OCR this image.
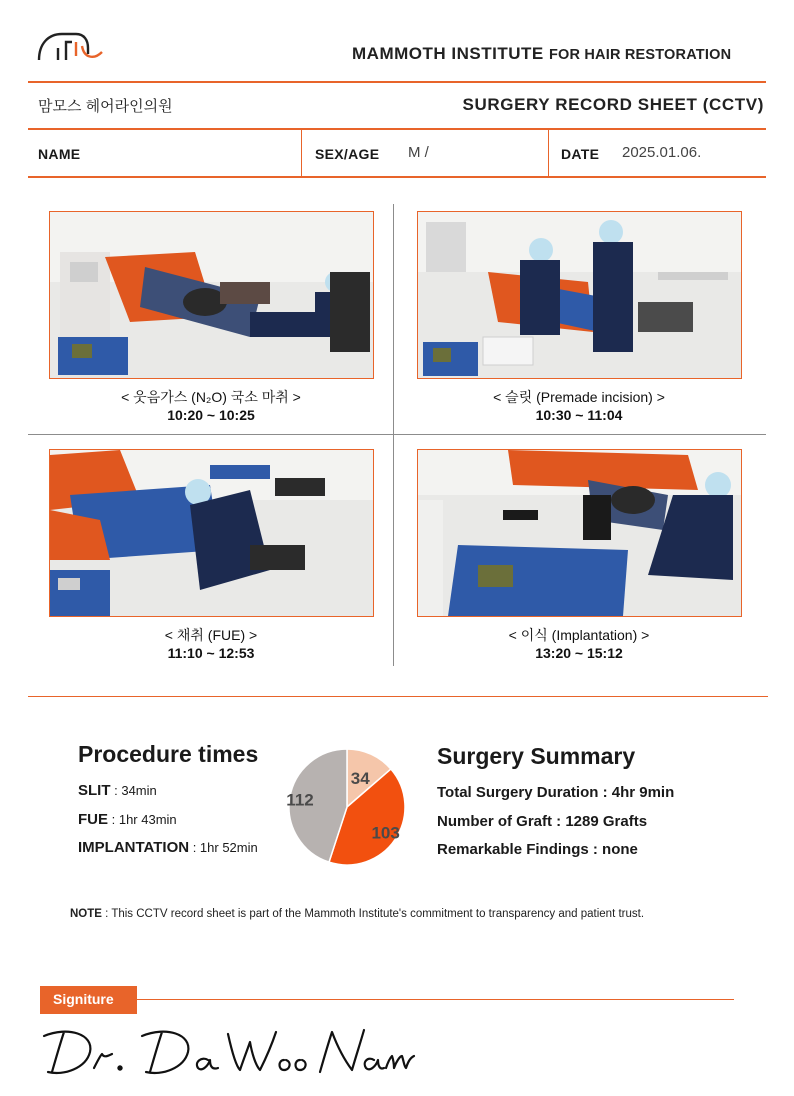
MAMMOTH INSTITUTE FOR HAIR RESTORATION
맘모스 헤어라인의원	SURGERY RECORD SHEET (CCTV)
NAME	SEX/AGE M /	DATE 2025.01.06.
< 웃음가스 (N₂O) 국소 마취 >
10:20 ~ 10:25
< 슬릿 (Premade incision) >
10:30 ~ 11:04
< 채취 (FUE) >
11:10 ~ 12:53
< 이식 (Implantation) >
13:20 ~ 15:12
Procedure times
SLIT : 34min
FUE : 1hr 43min
IMPLANTATION : 1hr 52min
34
103
112
Surgery Summary
Total Surgery Duration : 4hr 9min
Number of Graft : 1289 Grafts
Remarkable Findings : none
NOTE : This CCTV record sheet is part of the Mammoth Institute's commitment to transparency and patient trust.
Signiture
